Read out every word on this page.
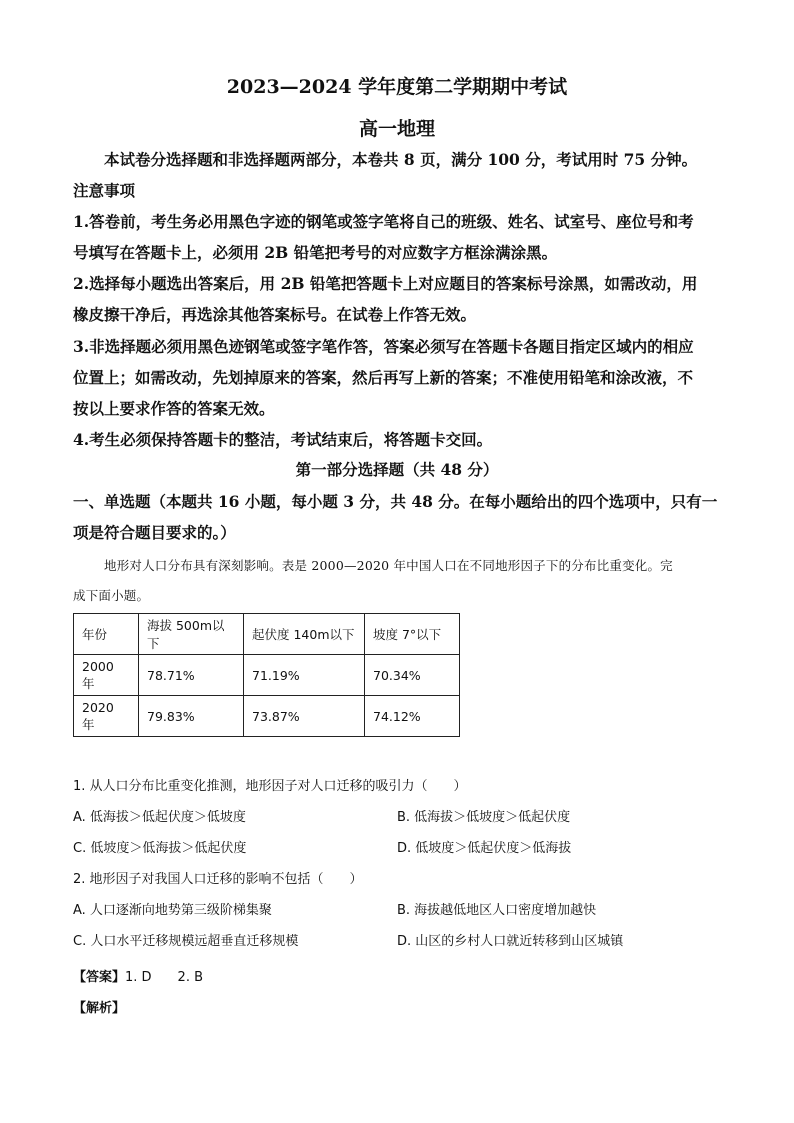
2023—2024 学年度第二学期期中考试
高一地理
本试卷分选择题和非选择题两部分，本卷共 8 页，满分 100 分，考试用时 75 分钟。
注意事项
1.答卷前，考生务必用黑色字迹的钢笔或签字笔将自己的班级、姓名、试室号、座位号和考
号填写在答题卡上，必须用 2B 铅笔把考号的对应数字方框涂满涂黑。
2.选择每小题选出答案后，用 2B 铅笔把答题卡上对应题目的答案标号涂黑，如需改动，用
橡皮擦干净后，再选涂其他答案标号。在试卷上作答无效。
3.非选择题必须用黑色迹钢笔或签字笔作答，答案必须写在答题卡各题目指定区域内的相应
位置上；如需改动，先划掉原来的答案，然后再写上新的答案；不准使用铅笔和涂改液，不
按以上要求作答的答案无效。
4.考生必须保持答题卡的整洁，考试结束后，将答题卡交回。
第一部分选择题（共 48 分）
一、单选题（本题共 16 小题，每小题 3 分，共 48 分。在每小题给出的四个选项中，只有一
项是符合题目要求的。）
地形对人口分布具有深刻影响。表是 2000—2020 年中国人口在不同地形因子下的分布比重变化。完
成下面小题。
年份	海拔 500m以下	起伏度 140m以下	坡度 7°以下
2000 年	78.71%	71.19%	70.34%
2020 年	79.83%	73.87%	74.12%
1. 从人口分布比重变化推测，地形因子对人口迁移的吸引力（　　）
A. 低海拔＞低起伏度＞低坡度	B. 低海拔＞低坡度＞低起伏度
C. 低坡度＞低海拔＞低起伏度	D. 低坡度＞低起伏度＞低海拔
2. 地形因子对我国人口迁移的影响不包括（　　）
A. 人口逐渐向地势第三级阶梯集聚	B. 海拔越低地区人口密度增加越快
C. 人口水平迁移规模远超垂直迁移规模	D. 山区的乡村人口就近转移到山区城镇
【答案】1. D　　2. B
【解析】
